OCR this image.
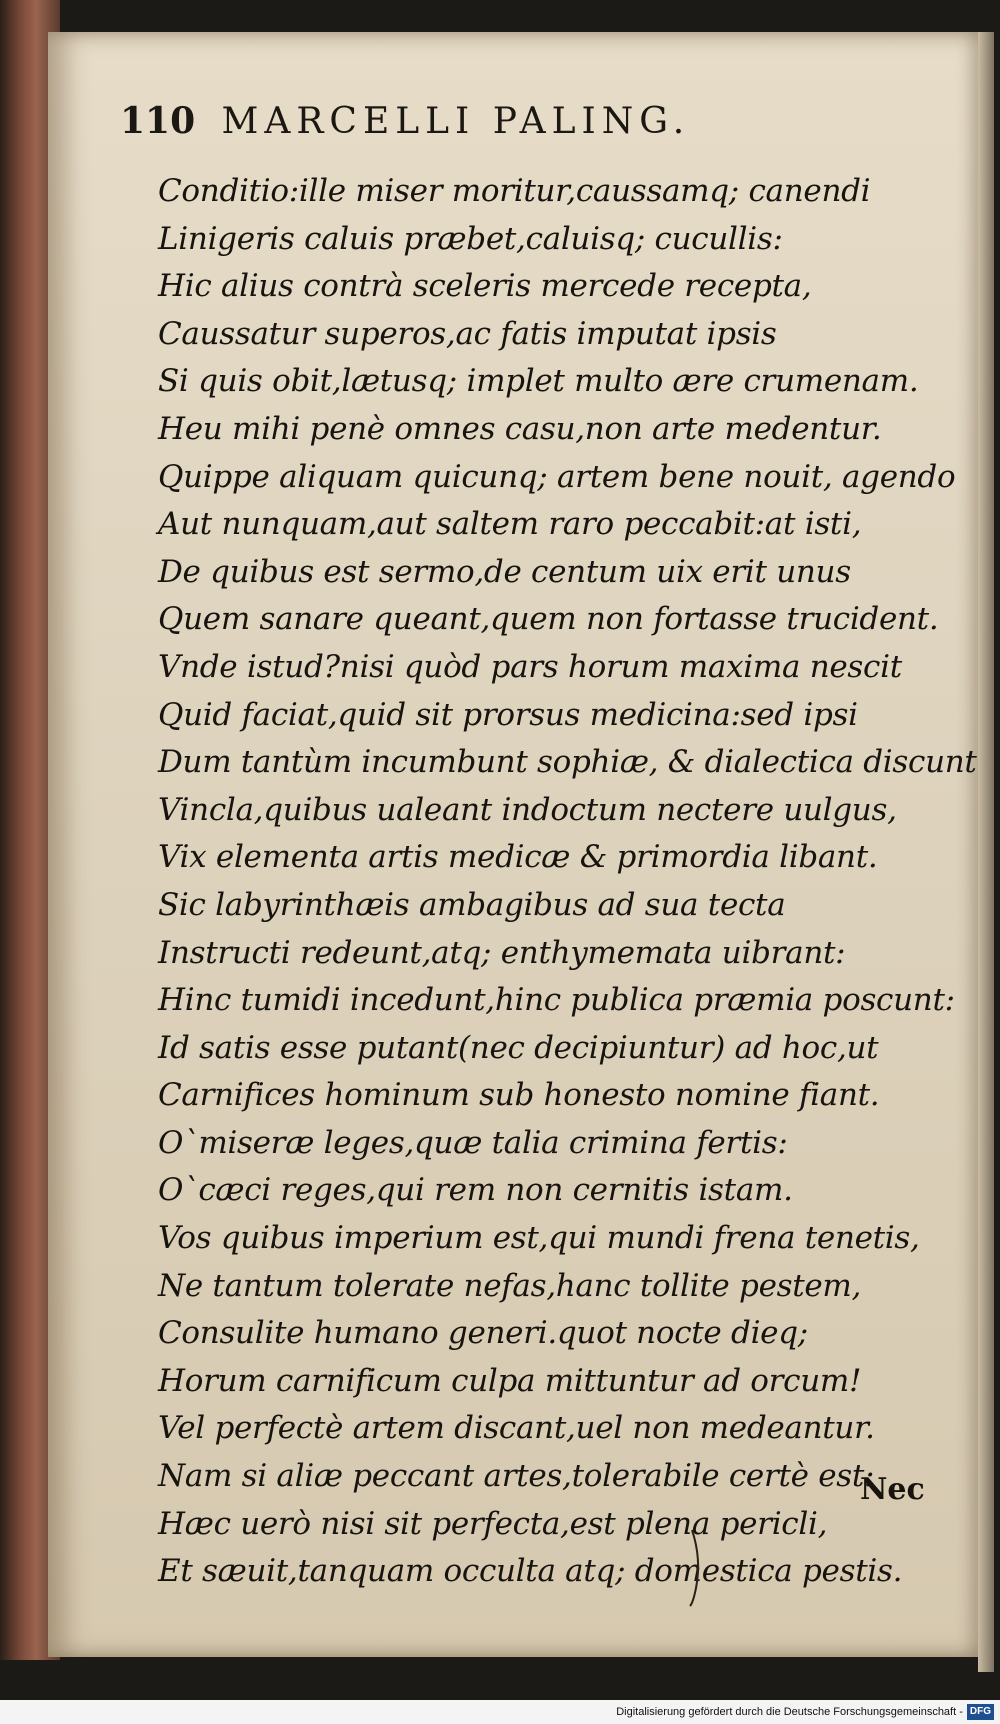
110 MARCELLI PALING.
Conditio:ille miser moritur,caussamq; canendi
Linigeris caluis præbet,caluisq; cucullis:
Hic alius contrà sceleris mercede recepta,
Caussatur superos,ac fatis imputat ipsis
Si quis obit,lætusq; implet multo ære crumenam.
Heu mihi penè omnes casu,non arte medentur.
Quippe aliquam quicunq; artem bene nouit, agendo
Aut nunquam,aut saltem raro peccabit:at isti,
De quibus est sermo,de centum uix erit unus
Quem sanare queant,quem non fortasse trucident.
Vnde istud?nisi quòd pars horum maxima nescit
Quid faciat,quid sit prorsus medicina:sed ipsi
Dum tantùm incumbunt sophiæ, & dialectica discunt
Vincla,quibus ualeant indoctum nectere uulgus,
Vix elementa artis medicæ & primordia libant.
Sic labyrinthæis ambagibus ad sua tecta
Instructi redeunt,atq; enthymemata uibrant:
Hinc tumidi incedunt,hinc publica præmia poscunt:
Id satis esse putant(nec decipiuntur) ad hoc,ut
Carnifices hominum sub honesto nomine fiant.
O`miseræ leges,quæ talia crimina fertis:
O`cæci reges,qui rem non cernitis istam.
Vos quibus imperium est,qui mundi frena tenetis,
Ne tantum tolerate nefas,hanc tollite pestem,
Consulite humano generi.quot nocte dieq;
Horum carnificum culpa mittuntur ad orcum!
Vel perfectè artem discant,uel non medeantur.
Nam si aliæ peccant artes,tolerabile certè est:
Hæc uerò nisi sit perfecta,est plena pericli,
Et sæuit,tanquam occulta atq; domestica pestis.
Nec
Digitalisierung gefördert durch die Deutsche Forschungsgemeinschaft - DFG
